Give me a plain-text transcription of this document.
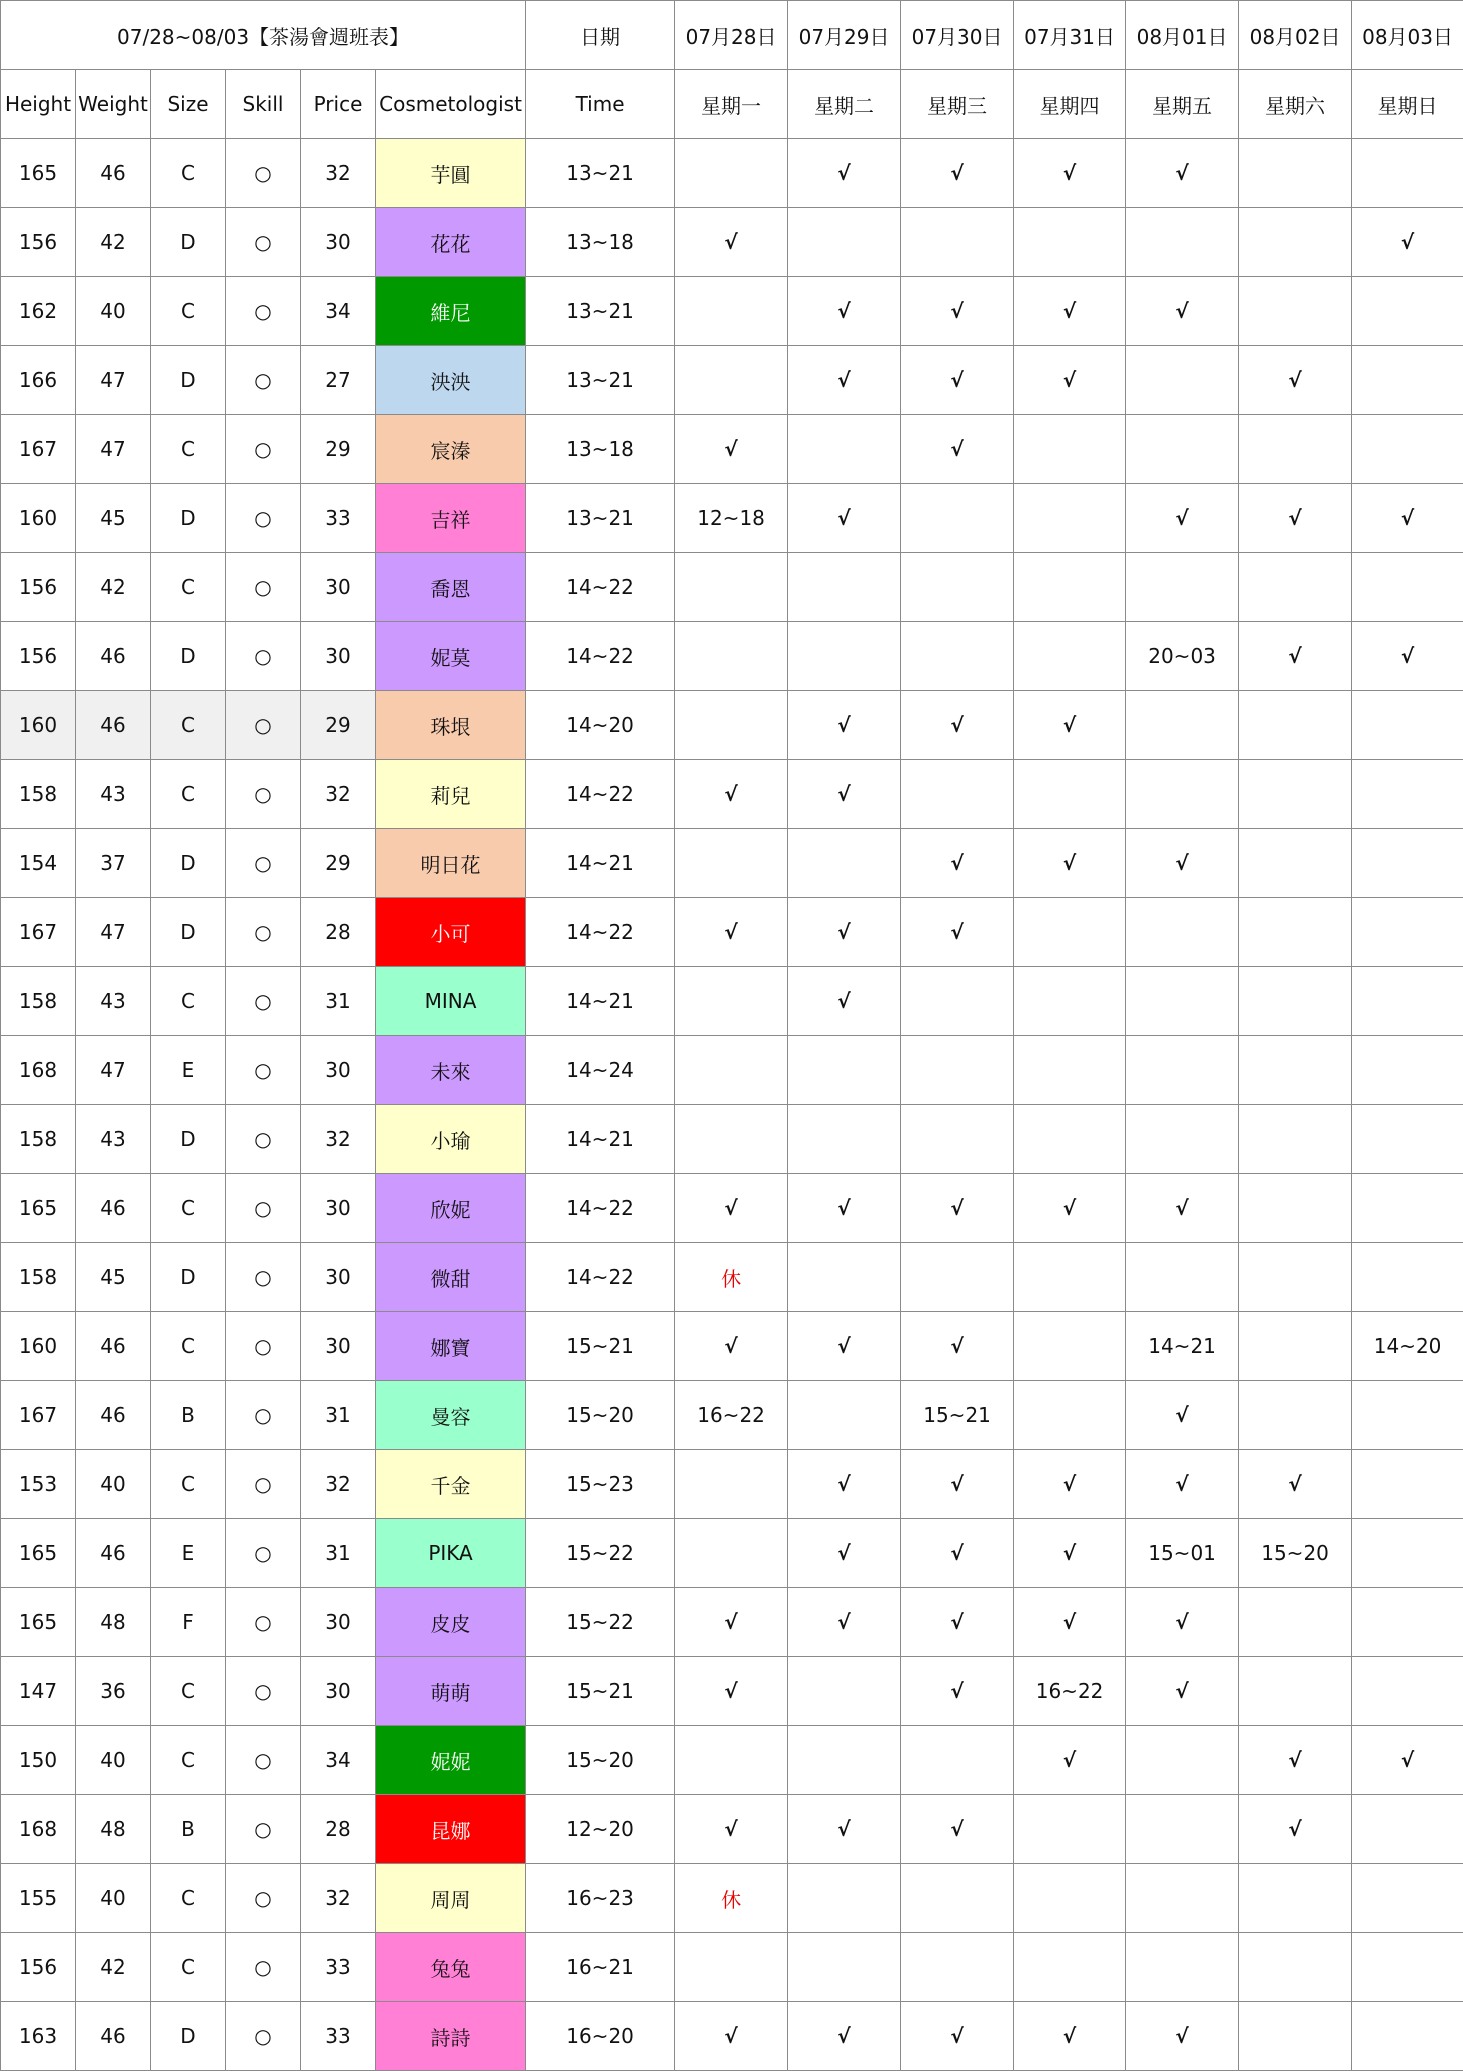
07/28~08/03【茶湯會週班表】						日期	07月28日	07月29日	07月30日	07月31日	08月01日	08月02日	08月03日
Height	Weight	Size	Skill	Price	Cosmetologist	Time	星期一	星期二	星期三	星期四	星期五	星期六	星期日
165	46	C	○	32	芋圓	13~21		√	√	√	√		
156	42	D	○	30	花花	13~18	√						√
162	40	C	○	34	維尼	13~21		√	√	√	√		
166	47	D	○	27	泱泱	13~21		√	√	√		√	
167	47	C	○	29	宸溱	13~18	√		√				
160	45	D	○	33	吉祥	13~21	12~18	√			√	√	√
156	42	C	○	30	喬恩	14~22							
156	46	D	○	30	妮莫	14~22					20~03	√	√
160	46	C	○	29	珠垠	14~20		√	√	√			
158	43	C	○	32	莉兒	14~22	√	√					
154	37	D	○	29	明日花	14~21			√	√	√		
167	47	D	○	28	小可	14~22	√	√	√				
158	43	C	○	31	MINA	14~21		√					
168	47	E	○	30	未來	14~24							
158	43	D	○	32	小瑜	14~21							
165	46	C	○	30	欣妮	14~22	√	√	√	√	√		
158	45	D	○	30	微甜	14~22	休						
160	46	C	○	30	娜寶	15~21	√	√	√		14~21		14~20
167	46	B	○	31	曼容	15~20	16~22		15~21		√		
153	40	C	○	32	千金	15~23		√	√	√	√	√	
165	46	E	○	31	PIKA	15~22		√	√	√	15~01	15~20	
165	48	F	○	30	皮皮	15~22	√	√	√	√	√		
147	36	C	○	30	萌萌	15~21	√		√	16~22	√		
150	40	C	○	34	妮妮	15~20				√		√	√
168	48	B	○	28	昆娜	12~20	√	√	√			√	
155	40	C	○	32	周周	16~23	休						
156	42	C	○	33	兔兔	16~21							
163	46	D	○	33	詩詩	16~20	√	√	√	√	√		
